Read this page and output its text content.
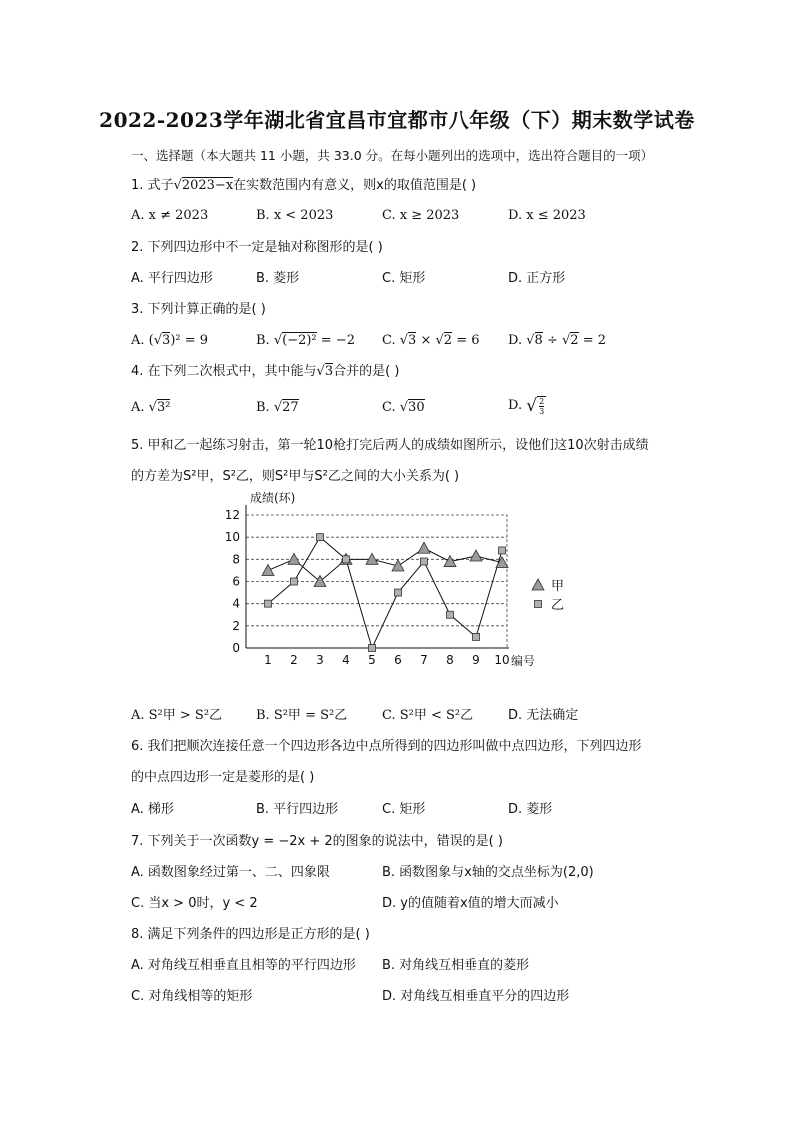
2022-2023学年湖北省宜昌市宜都市八年级（下）期末数学试卷
一、选择题（本大题共 11 小题，共 33.0 分。在每小题列出的选项中，选出符合题目的一项）
1. 式子√2023−x在实数范围内有意义，则x的取值范围是( )
A. x ≠ 2023	B. x < 2023	C. x ≥ 2023	D. x ≤ 2023
2. 下列四边形中不一定是轴对称图形的是( )
A. 平行四边形	B. 菱形	C. 矩形	D. 正方形
3. 下列计算正确的是( )
A. (√3)² = 9	B. √(−2)² = −2 C. √3 × √2 = 6 D. √8 ÷ √2 = 2
4. 在下列二次根式中，其中能与√3合并的是( )
A. √3²	B. √27	C. √30	D. √ $\frac{2}{3}$
5. 甲和乙一起练习射击，第一轮10枪打完后两人的成绩如图所示，设他们这10次射击成绩
的方差为S²甲，S²乙，则S²甲与S²乙之间的大小关系为( )
0
2
4
6
8
10
12
1 2 3 4 5 6 7 8 9 10
成绩(环)
编号
甲
乙
A. S²甲 > S²乙	B. S²甲 = S²乙	C. S²甲 < S²乙	D. 无法确定
6. 我们把顺次连接任意一个四边形各边中点所得到的四边形叫做中点四边形，下列四边形
的中点四边形一定是菱形的是( )
A. 梯形	B. 平行四边形	C. 矩形	D. 菱形
7. 下列关于一次函数y = −2x + 2的图象的说法中，错误的是( )
A. 函数图象经过第一、二、四象限	B. 函数图象与x轴的交点坐标为(2,0)
C. 当x > 0时，y < 2	D. y的值随着x值的增大而减小
8. 满足下列条件的四边形是正方形的是( )
A. 对角线互相垂直且相等的平行四边形 B. 对角线互相垂直的菱形
C. 对角线相等的矩形	D. 对角线互相垂直平分的四边形
